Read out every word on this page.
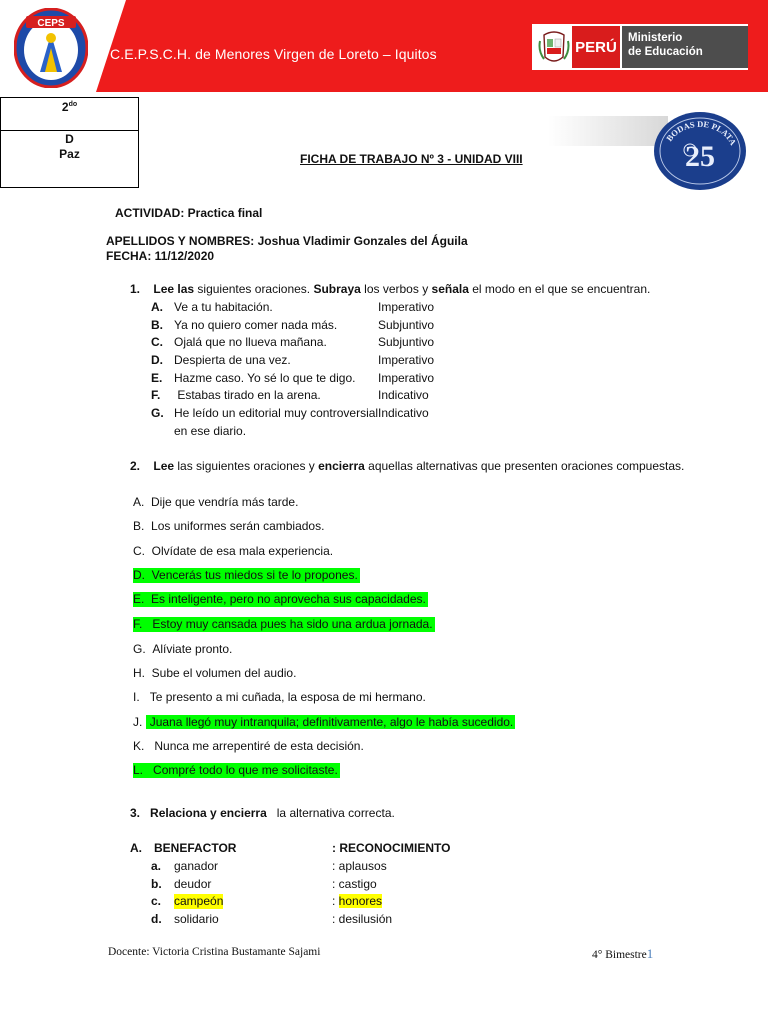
C.E.P.S.C.H. de Menores Virgen de Loreto – Iquitos
CEPS
PERÚ
Ministerio
de Educación
$2^{do}$
D
Paz	FICHA DE TRABAJO Nº 3 - UNIDAD VIII
BODAS DE PLATA
25
ACTIVIDAD: Practica final
APELLIDOS Y NOMBRES: Joshua Vladimir Gonzales del Águila
FECHA: 11/12/2020
1. Lee las siguientes oraciones. Subraya los verbos y señala el modo en el que se encuentran.
A. Ve a tu habitación.	Imperativo
B. Ya no quiero comer nada más.	Subjuntivo
C. Ojalá que no llueva mañana.	Subjuntivo
D. Despierta de una vez.	Imperativo
E. Hazme caso. Yo sé lo que te digo. Imperativo
F. Estabas tirado en la arena.	Indicativo
G. He leído un editorial muy controversial Indicativo
en ese diario.
2. Lee las siguientes oraciones y encierra aquellas alternativas que presenten oraciones compuestas.
A. Dije que vendría más tarde.
B. Los uniformes serán cambiados.
C. Olvídate de esa mala experiencia.
D. Vencerás tus miedos si te lo propones.
E. Es inteligente, pero no aprovecha sus capacidades.
F. Estoy muy cansada pues ha sido una ardua jornada.
G. Alíviate pronto.
H. Sube el volumen del audio.
I. Te presento a mi cuñada, la esposa de mi hermano.
J. Juana llegó muy intranquila; definitivamente, algo le había sucedido.
K. Nunca me arrepentiré de esta decisión.
L. Compré todo lo que me solicitaste.
3. Relaciona y encierra   la alternativa correcta.
A. BENEFACTOR	: RECONOCIMIENTO
a. ganador	: aplausos
b. deudor	: castigo
c. campeón	: honores
d. solidario	: desilusión
Docente: Victoria Cristina Bustamante Sajami	4° Bimestre1
